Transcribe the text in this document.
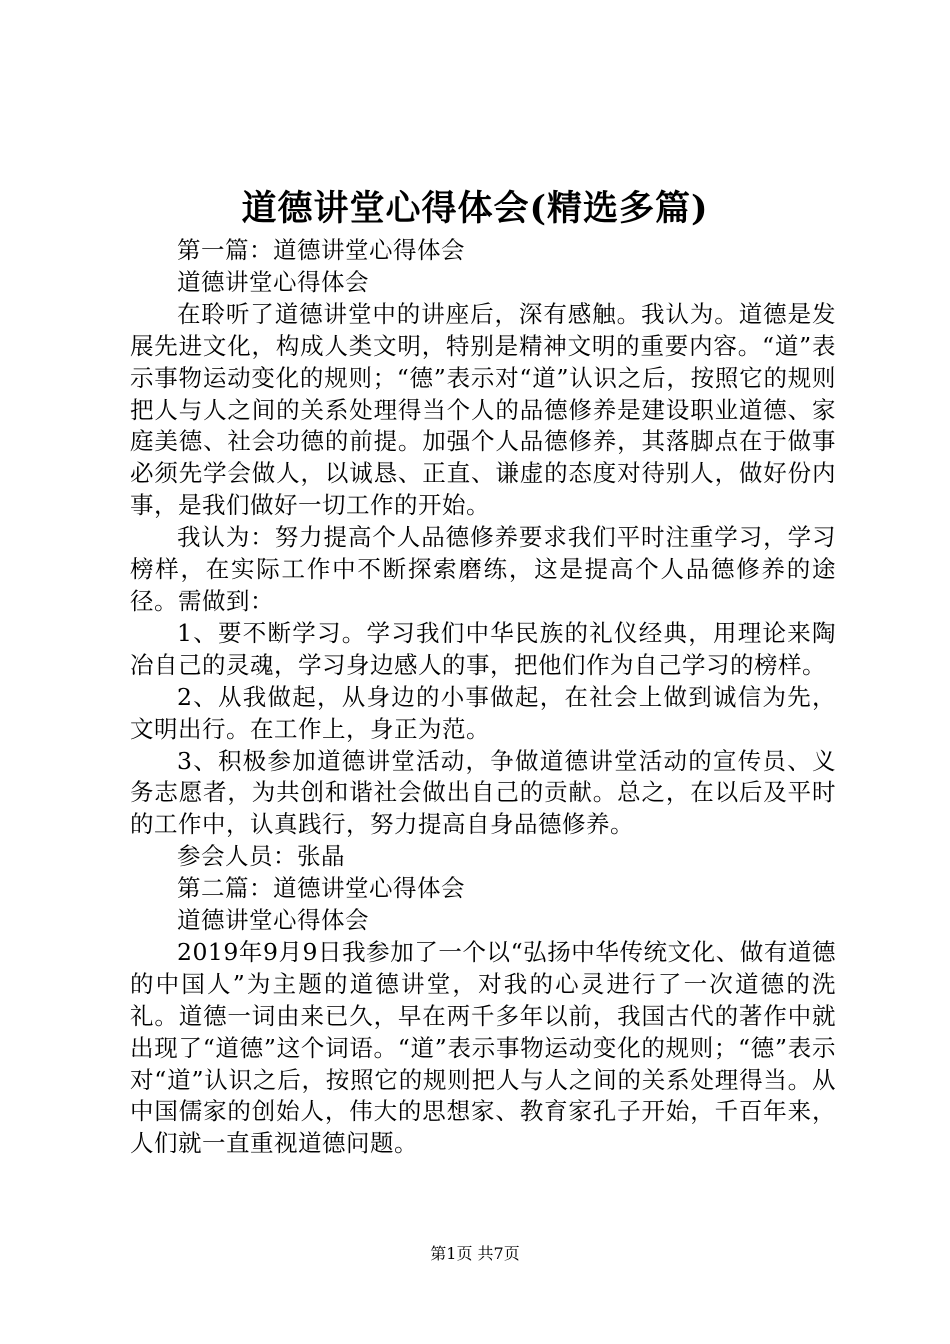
道德讲堂心得体会(精选多篇)

第一篇：道德讲堂心得体会

道德讲堂心得体会

在聆听了道德讲堂中的讲座后，深有感触。我认为。道德是发展先进文化，构成人类文明，特别是精神文明的重要内容。“道”表示事物运动变化的规则；“德”表示对“道”认识之后，按照它的规则把人与人之间的关系处理得当个人的品德修养是建设职业道德、家庭美德、社会功德的前提。加强个人品德修养，其落脚点在于做事必须先学会做人，以诚恳、正直、谦虚的态度对待别人，做好份内事，是我们做好一切工作的开始。

我认为：努力提高个人品德修养要求我们平时注重学习，学习榜样，在实际工作中不断探索磨练，这是提高个人品德修养的途径。需做到：

1、要不断学习。学习我们中华民族的礼仪经典，用理论来陶冶自己的灵魂，学习身边感人的事，把他们作为自己学习的榜样。

2、从我做起，从身边的小事做起，在社会上做到诚信为先，文明出行。在工作上，身正为范。

3、积极参加道德讲堂活动，争做道德讲堂活动的宣传员、义务志愿者，为共创和谐社会做出自己的贡献。总之，在以后及平时的工作中，认真践行，努力提高自身品德修养。

参会人员：张晶

第二篇：道德讲堂心得体会

道德讲堂心得体会

2019年9月9日我参加了一个以“弘扬中华传统文化、做有道德的中国人”为主题的道德讲堂，对我的心灵进行了一次道德的洗礼。道德一词由来已久，早在两千多年以前，我国古代的著作中就出现了“道德”这个词语。“道”表示事物运动变化的规则；“德”表示对“道”认识之后，按照它的规则把人与人之间的关系处理得当。从中国儒家的创始人，伟大的思想家、教育家孔子开始，千百年来，人们就一直重视道德问题。

第1页 共7页
